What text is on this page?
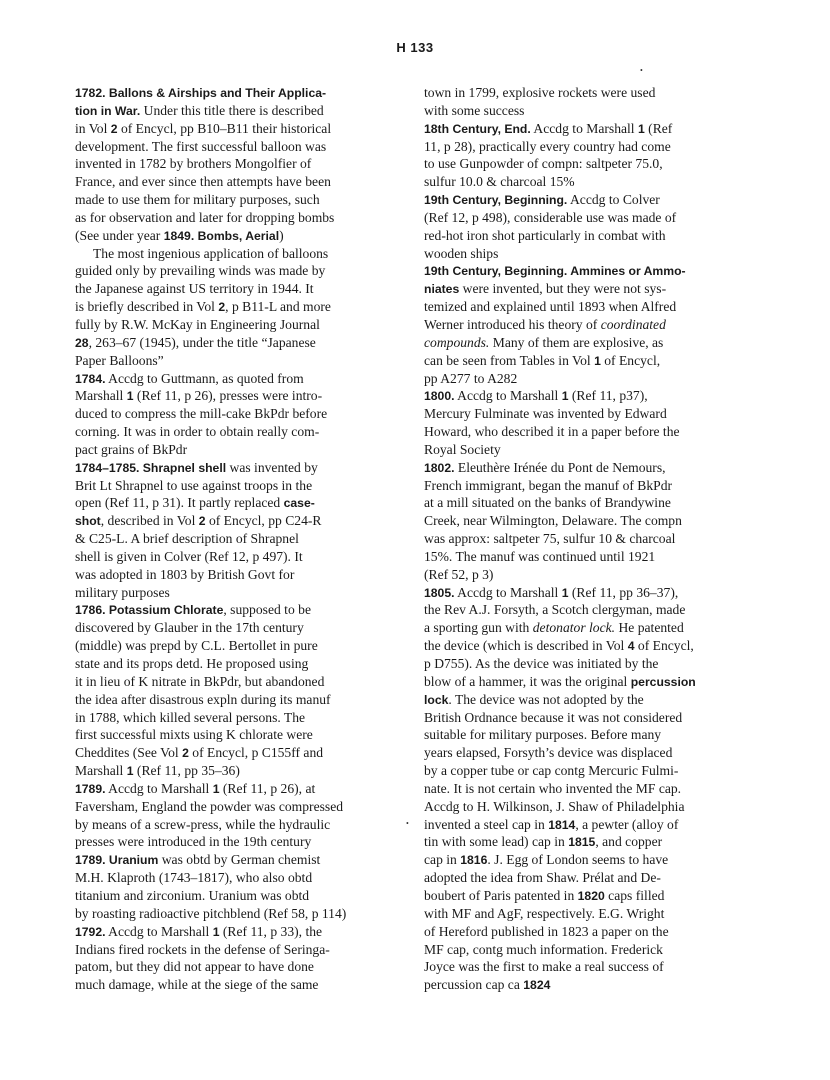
H 133
1782. Ballons & Airships and Their Applica-
tion in War. Under this title there is described
in Vol 2 of Encycl, pp B10–B11 their historical
development. The first successful balloon was
invented in 1782 by brothers Mongolfier of
France, and ever since then attempts have been
made to use them for military purposes, such
as for observation and later for dropping bombs
(See under year 1849. Bombs, Aerial)
The most ingenious application of balloons
guided only by prevailing winds was made by
the Japanese against US territory in 1944. It
is briefly described in Vol 2, p B11-L and more
fully by R.W. McKay in Engineering Journal
28, 263–67 (1945), under the title “Japanese
Paper Balloons”
1784. Accdg to Guttmann, as quoted from
Marshall 1 (Ref 11, p 26), presses were intro-
duced to compress the mill-cake BkPdr before
corning. It was in order to obtain really com-
pact grains of BkPdr
1784–1785. Shrapnel shell was invented by
Brit Lt Shrapnel to use against troops in the
open (Ref 11, p 31). It partly replaced case-
shot, described in Vol 2 of Encycl, pp C24-R
& C25-L. A brief description of Shrapnel
shell is given in Colver (Ref 12, p 497). It
was adopted in 1803 by British Govt for
military purposes
1786. Potassium Chlorate, supposed to be
discovered by Glauber in the 17th century
(middle) was prepd by C.L. Bertollet in pure
state and its props detd. He proposed using
it in lieu of K nitrate in BkPdr, but abandoned
the idea after disastrous expln during its manuf
in 1788, which killed several persons. The
first successful mixts using K chlorate were
Cheddites (See Vol 2 of Encycl, p C155ff and
Marshall 1 (Ref 11, pp 35–36)
1789. Accdg to Marshall 1 (Ref 11, p 26), at
Faversham, England the powder was compressed
by means of a screw-press, while the hydraulic
presses were introduced in the 19th century
1789. Uranium was obtd by German chemist
M.H. Klaproth (1743–1817), who also obtd
titanium and zirconium. Uranium was obtd
by roasting radioactive pitchblend (Ref 58, p 114)
1792. Accdg to Marshall 1 (Ref 11, p 33), the
Indians fired rockets in the defense of Seringa-
patom, but they did not appear to have done
much damage, while at the siege of the same
town in 1799, explosive rockets were used
with some success
18th Century, End. Accdg to Marshall 1 (Ref
11, p 28), practically every country had come
to use Gunpowder of compn: saltpeter 75.0,
sulfur 10.0 & charcoal 15%
19th Century, Beginning. Accdg to Colver
(Ref 12, p 498), considerable use was made of
red-hot iron shot particularly in combat with
wooden ships
19th Century, Beginning. Ammines or Ammo-
niates were invented, but they were not sys-
temized and explained until 1893 when Alfred
Werner introduced his theory of coordinated
compounds. Many of them are explosive, as
can be seen from Tables in Vol 1 of Encycl,
pp A277 to A282
1800. Accdg to Marshall 1 (Ref 11, p37),
Mercury Fulminate was invented by Edward
Howard, who described it in a paper before the
Royal Society
1802. Eleuthère Irénée du Pont de Nemours,
French immigrant, began the manuf of BkPdr
at a mill situated on the banks of Brandywine
Creek, near Wilmington, Delaware. The compn
was approx: saltpeter 75, sulfur 10 & charcoal
15%. The manuf was continued until 1921
(Ref 52, p 3)
1805. Accdg to Marshall 1 (Ref 11, pp 36–37),
the Rev A.J. Forsyth, a Scotch clergyman, made
a sporting gun with detonator lock. He patented
the device (which is described in Vol 4 of Encycl,
p D755). As the device was initiated by the
blow of a hammer, it was the original percussion
lock. The device was not adopted by the
British Ordnance because it was not considered
suitable for military purposes. Before many
years elapsed, Forsyth’s device was displaced
by a copper tube or cap contg Mercuric Fulmi-
nate. It is not certain who invented the MF cap.
Accdg to H. Wilkinson, J. Shaw of Philadelphia
invented a steel cap in 1814, a pewter (alloy of
tin with some lead) cap in 1815, and copper
cap in 1816. J. Egg of London seems to have
adopted the idea from Shaw. Prélat and De-
boubert of Paris patented in 1820 caps filled
with MF and AgF, respectively. E.G. Wright
of Hereford published in 1823 a paper on the
MF cap, contg much information. Frederick
Joyce was the first to make a real success of
percussion cap ca 1824
•
•
